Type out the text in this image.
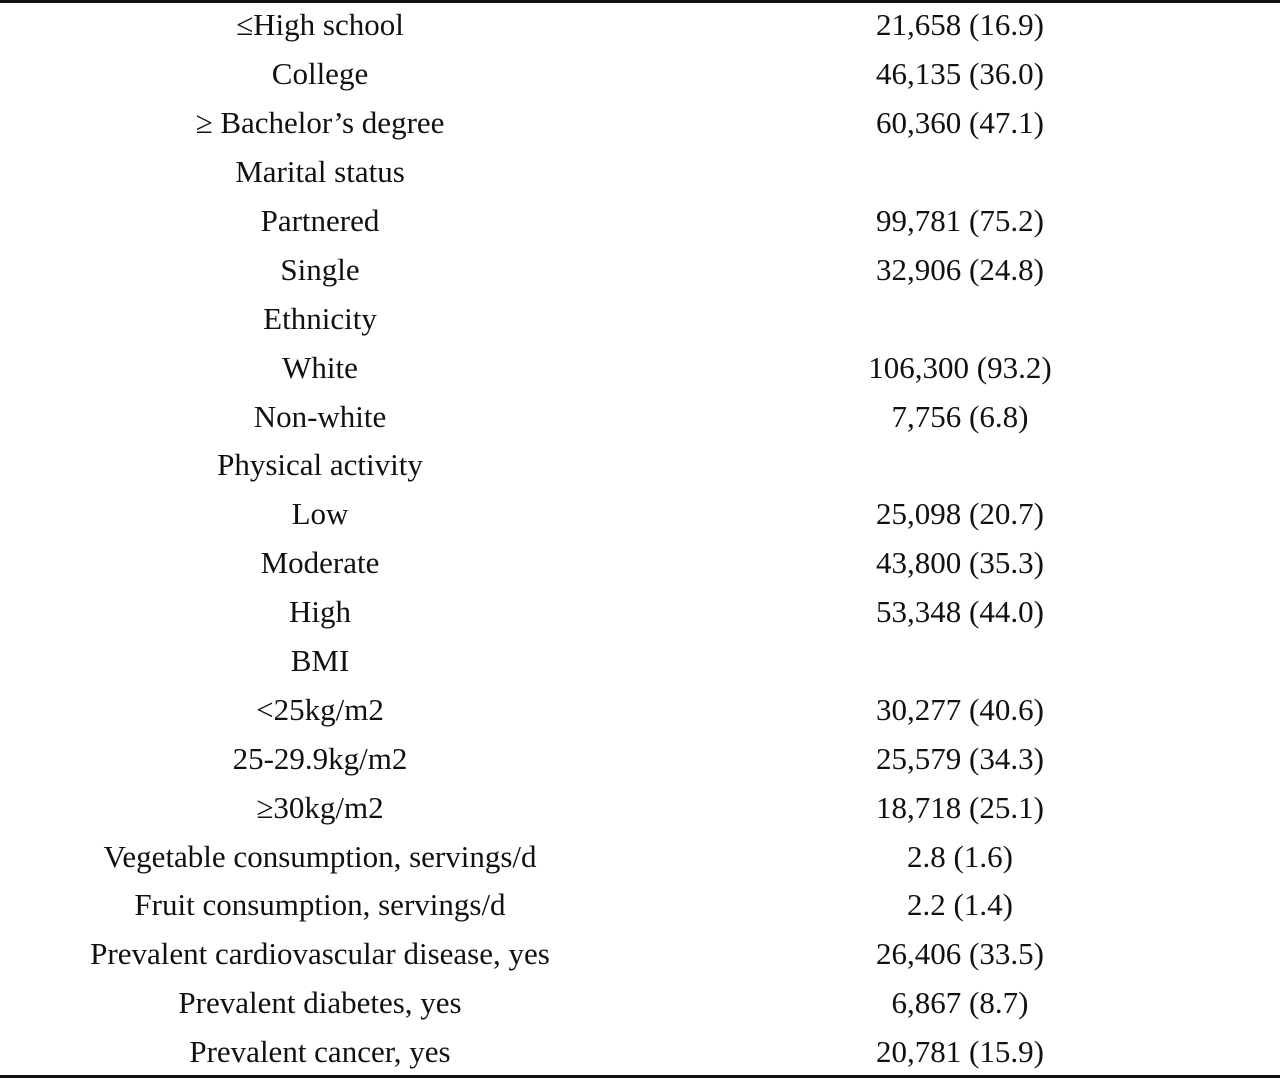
≤High school	21,658 (16.9)
College	46,135 (36.0)
≥ Bachelor’s degree	60,360 (47.1)
Marital status
Partnered	99,781 (75.2)
Single	32,906 (24.8)
Ethnicity
White	106,300 (93.2)
Non-white	7,756 (6.8)
Physical activity
Low	25,098 (20.7)
Moderate	43,800 (35.3)
High	53,348 (44.0)
BMI
<25kg/m2	30,277 (40.6)
25-29.9kg/m2	25,579 (34.3)
≥30kg/m2	18,718 (25.1)
Vegetable consumption, servings/d	2.8 (1.6)
Fruit consumption, servings/d	2.2 (1.4)
Prevalent cardiovascular disease, yes	26,406 (33.5)
Prevalent diabetes, yes	6,867 (8.7)
Prevalent cancer, yes	20,781 (15.9)
